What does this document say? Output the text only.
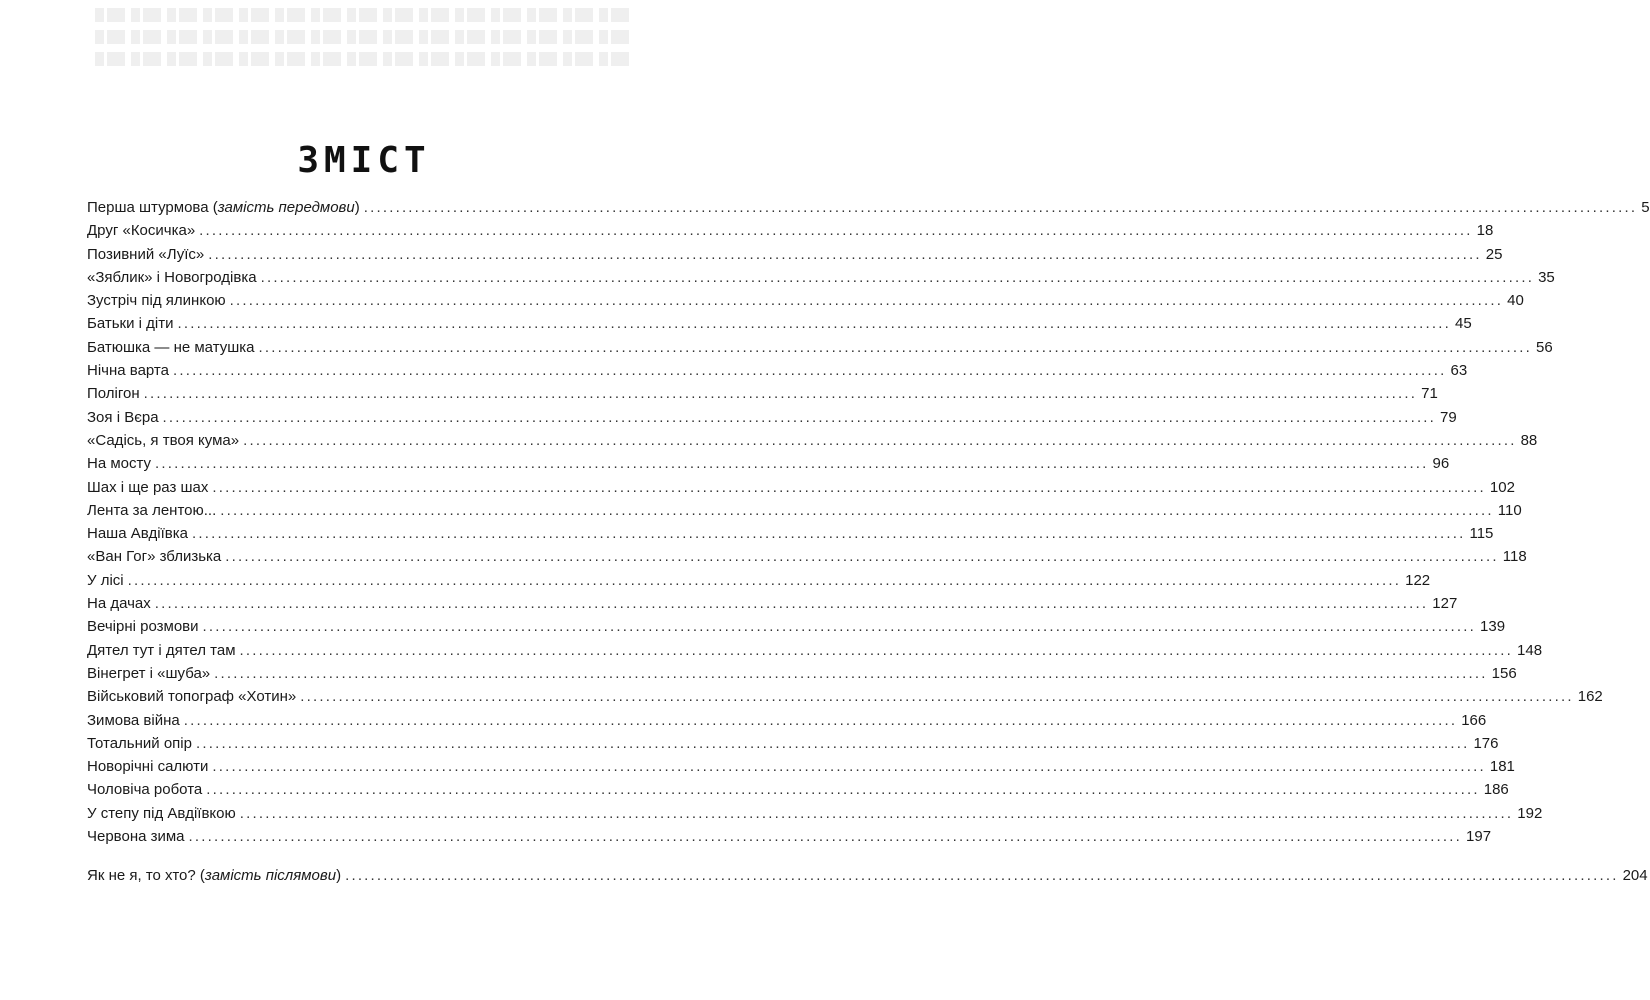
ЗМІСТ
Перша штурмова (замість передмови) ........................................................................................................................................................................................................ 5
Друг «Косичка» ........................................................................................................................................................................................................ 18
Позивний «Луїс» ........................................................................................................................................................................................................ 25
«Зяблик» і Новогродівка ........................................................................................................................................................................................................ 35
Зустріч під ялинкою ........................................................................................................................................................................................................ 40
Батьки і діти ........................................................................................................................................................................................................ 45
Батюшка — не матушка ........................................................................................................................................................................................................ 56
Нічна варта ........................................................................................................................................................................................................ 63
Полігон ........................................................................................................................................................................................................ 71
Зоя і Вєра ........................................................................................................................................................................................................ 79
«Садісь, я твоя кума» ........................................................................................................................................................................................................ 88
На мосту ........................................................................................................................................................................................................ 96
Шах і ще раз шах ........................................................................................................................................................................................................ 102
Лента за лентою... ........................................................................................................................................................................................................ 110
Наша Авдіївка ........................................................................................................................................................................................................ 115
«Ван Гог» зблизька ........................................................................................................................................................................................................ 118
У лісі ........................................................................................................................................................................................................ 122
На дачах ........................................................................................................................................................................................................ 127
Вечірні розмови ........................................................................................................................................................................................................ 139
Дятел тут і дятел там ........................................................................................................................................................................................................ 148
Вінегрет і «шуба» ........................................................................................................................................................................................................ 156
Військовий топограф «Хотин» ........................................................................................................................................................................................................ 162
Зимова війна ........................................................................................................................................................................................................ 166
Тотальний опір ........................................................................................................................................................................................................ 176
Новорічні салюти ........................................................................................................................................................................................................ 181
Чоловіча робота ........................................................................................................................................................................................................ 186
У степу під Авдіївкою ........................................................................................................................................................................................................ 192
Червона зима ........................................................................................................................................................................................................ 197
Як не я, то хто? (замість післямови) ........................................................................................................................................................................................................ 204
